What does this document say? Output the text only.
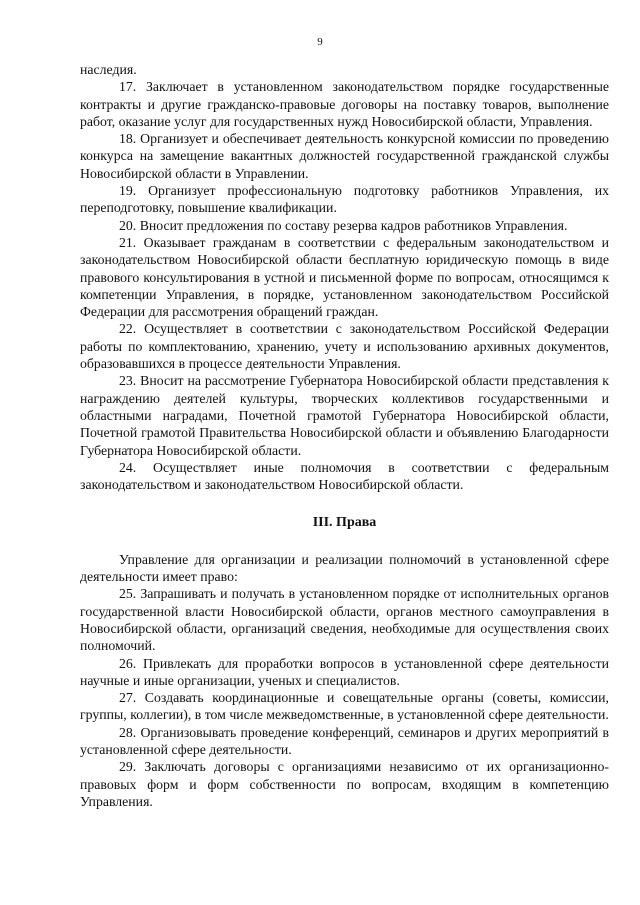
9

наследия.

17. Заключает в установленном законодательством порядке государственные контракты и другие гражданско-правовые договоры на поставку товаров, выполнение работ, оказание услуг для государственных нужд Новосибирской области, Управления.

18. Организует и обеспечивает деятельность конкурсной комиссии по проведению конкурса на замещение вакантных должностей государственной гражданской службы Новосибирской области в Управлении.

19. Организует профессиональную подготовку работников Управления, их переподготовку, повышение квалификации.

20. Вносит предложения по составу резерва кадров работников Управления.

21. Оказывает гражданам в соответствии с федеральным законодательством и законодательством Новосибирской области бесплатную юридическую помощь в виде правового консультирования в устной и письменной форме по вопросам, относящимся к компетенции Управления, в порядке, установленном законодательством Российской Федерации для рассмотрения обращений граждан.

22. Осуществляет в соответствии с законодательством Российской Федерации работы по комплектованию, хранению, учету и использованию архивных документов, образовавшихся в процессе деятельности Управления.

23. Вносит на рассмотрение Губернатора Новосибирской области представления к награждению деятелей культуры, творческих коллективов государственными и областными наградами, Почетной грамотой Губернатора Новосибирской области, Почетной грамотой Правительства Новосибирской области и объявлению Благодарности Губернатора Новосибирской области.

24. Осуществляет иные полномочия в соответствии с федеральным законодательством и законодательством Новосибирской области.

III. Права

Управление для организации и реализации полномочий в установленной сфере деятельности имеет право:

25. Запрашивать и получать в установленном порядке от исполнительных органов государственной власти Новосибирской области, органов местного самоуправления в Новосибирской области, организаций сведения, необходимые для осуществления своих полномочий.

26. Привлекать для проработки вопросов в установленной сфере деятельности научные и иные организации, ученых и специалистов.

27. Создавать координационные и совещательные органы (советы, комиссии, группы, коллегии), в том числе межведомственные, в установленной сфере деятельности.

28. Организовывать проведение конференций, семинаров и других мероприятий в установленной сфере деятельности.

29. Заключать договоры с организациями независимо от их организационно-правовых форм и форм собственности по вопросам, входящим в компетенцию Управления.
